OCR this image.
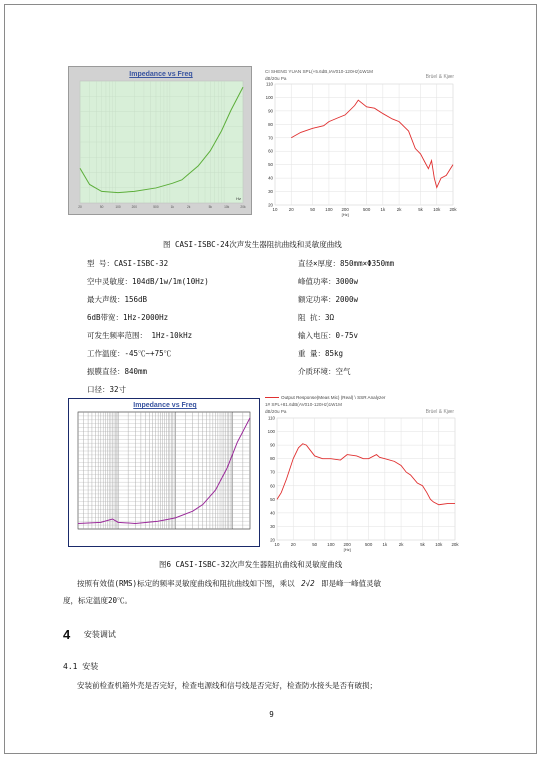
Impedance vs Freq
20	50	100	200	500	1k	2k	5k	10k	20k
Hz
CI SHENG YUAN SPL(+5.6dB,IAV010-120Hz)1W1M
Brüel & Kjær
dB/20u Pa
110
100
90
80
70
60
50
40
30
20
10	20	50 100 200	500 1k	2k	5k 10k 20k
[Hz]
图 CASI-ISBC-24次声发生器阻抗曲线和灵敏度曲线
型 号：CASI-ISBC-32	直径×厚度：850mm×Φ350mm
空中灵敏度：104dB/1w/1m(10Hz)	峰值功率：3000w
最大声级：156dB	额定功率：2000w
6dB带宽：1Hz-2000Hz	阻 抗：3Ω
可发生频率范围： 1Hz-10kHz	输入电压：0-75v
工作温度：-45℃~+75℃	重 量：85kg
振膜直径：840mm	介质环境：空气
口径：32寸
Impedance vs Freq
Output Response(Meas Mic) (Real) \ SSR Analyzer
1# SPL+81.6dB(AV010-120Hz)1W1M
Brüel & Kjær
dB/20u Pa
110
100
90
80
70
60
50
40
30
20
10	20	50 100 200	500 1k	2k	5k 10k 20k
[Hz]
图6 CASI-ISBC-32次声发生器阻抗曲线和灵敏度曲线
按照有效值(RMS)标定的频率灵敏度曲线和阻抗曲线如下图，乘以 2√2 即是峰一峰值灵敏
度，标定温度20℃。
4 安装调试
4.1 安装
安装前检查机箱外壳是否完好，检查电源线和信号线是否完好，检查防水接头是否有破损；
9
